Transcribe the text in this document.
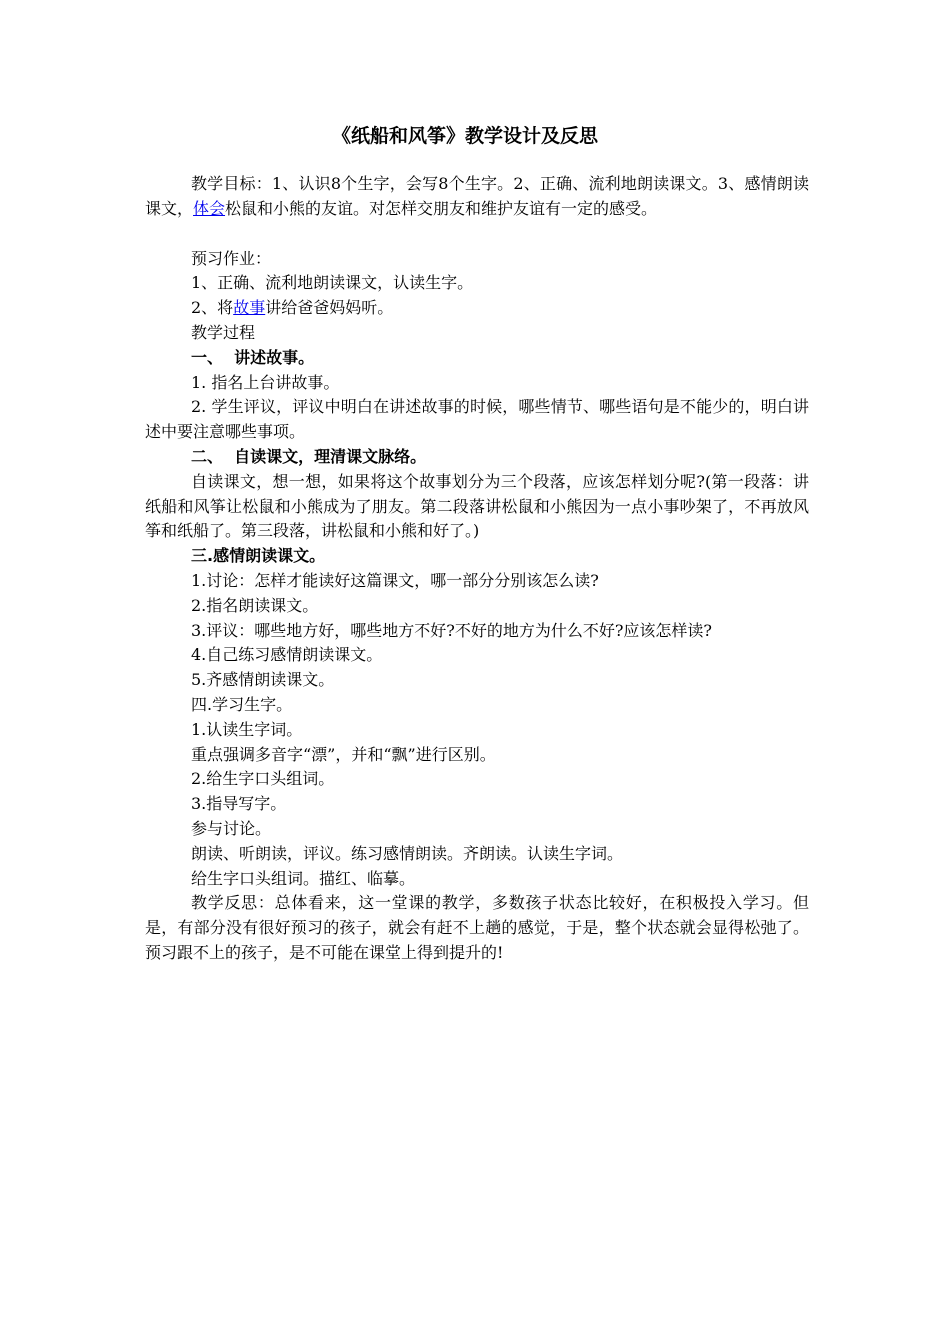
《纸船和风筝》教学设计及反思

教学目标：1、认识8个生字，会写8个生字。2、正确、流利地朗读课文。3、感情朗读课文，体会松鼠和小熊的友谊。对怎样交朋友和维护友谊有一定的感受。

预习作业：

1、正确、流利地朗读课文，认读生字。

2、将故事讲给爸爸妈妈听。

教学过程

一、  讲述故事。

1. 指名上台讲故事。

2. 学生评议，评议中明白在讲述故事的时候，哪些情节、哪些语句是不能少的，明白讲述中要注意哪些事项。

二、  自读课文，理清课文脉络。

自读课文，想一想，如果将这个故事划分为三个段落，应该怎样划分呢?(第一段落：讲纸船和风筝让松鼠和小熊成为了朋友。第二段落讲松鼠和小熊因为一点小事吵架了，不再放风筝和纸船了。第三段落，讲松鼠和小熊和好了。)

三.感情朗读课文。

1.讨论：怎样才能读好这篇课文，哪一部分分别该怎么读?

2.指名朗读课文。

3.评议：哪些地方好，哪些地方不好?不好的地方为什么不好?应该怎样读?

4.自己练习感情朗读课文。

5.齐感情朗读课文。

四.学习生字。

1.认读生字词。

重点强调多音字“漂”，并和“飘”进行区别。

2.给生字口头组词。

3.指导写字。

参与讨论。

朗读、听朗读，评议。练习感情朗读。齐朗读。认读生字词。

给生字口头组词。描红、临摹。

教学反思：总体看来，这一堂课的教学，多数孩子状态比较好，在积极投入学习。但是，有部分没有很好预习的孩子，就会有赶不上趟的感觉，于是，整个状态就会显得松弛了。预习跟不上的孩子，是不可能在课堂上得到提升的!
